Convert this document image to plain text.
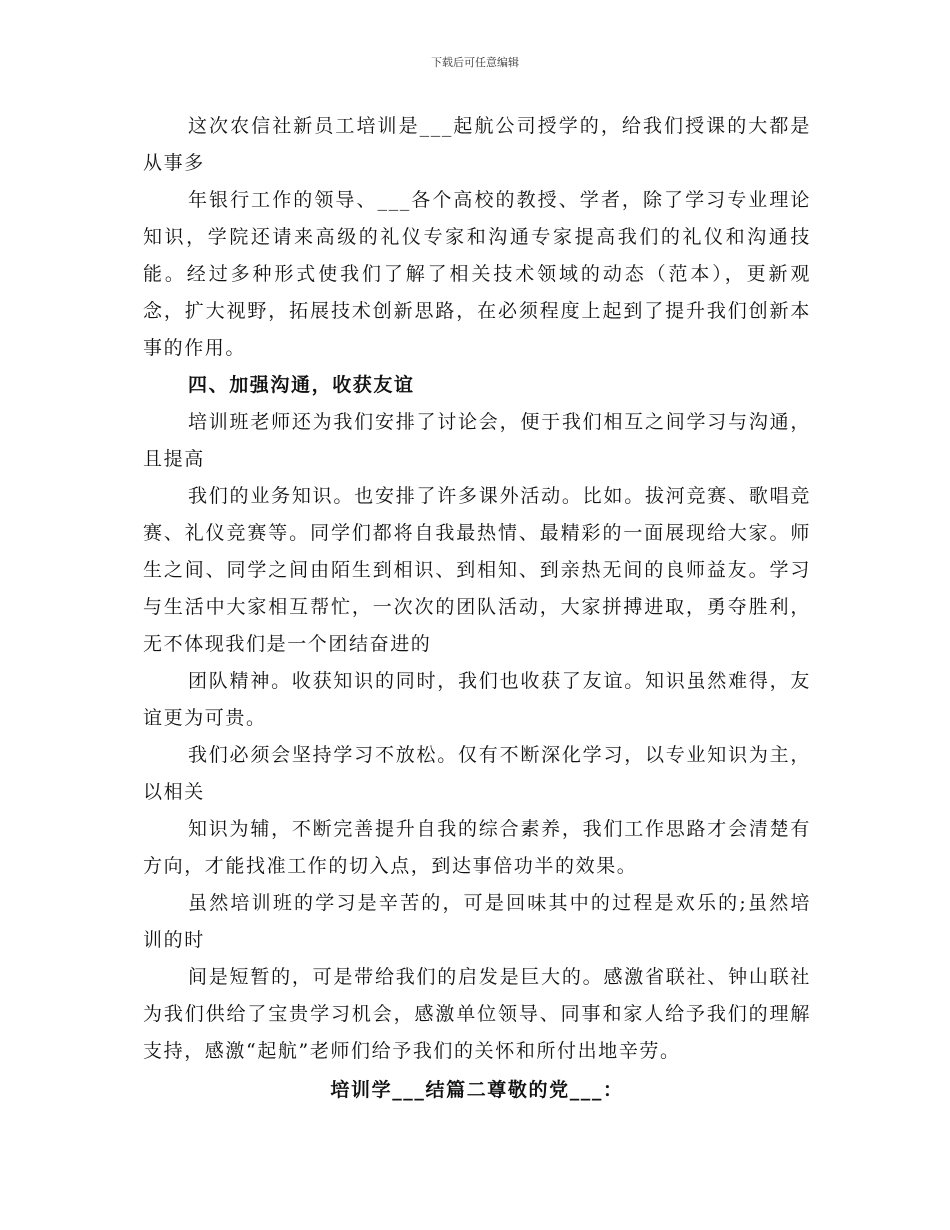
下载后可任意编辑

这次农信社新员工培训是___起航公司授学的，给我们授课的大都是从事多

年银行工作的领导、___各个高校的教授、学者，除了学习专业理论知识，学院还请来高级的礼仪专家和沟通专家提高我们的礼仪和沟通技能。经过多种形式使我们了解了相关技术领域的动态（范本），更新观念，扩大视野，拓展技术创新思路，在必须程度上起到了提升我们创新本事的作用。

四、加强沟通，收获友谊

培训班老师还为我们安排了讨论会，便于我们相互之间学习与沟通，且提高

我们的业务知识。也安排了许多课外活动。比如。拔河竞赛、歌唱竞赛、礼仪竞赛等。同学们都将自我最热情、最精彩的一面展现给大家。师生之间、同学之间由陌生到相识、到相知、到亲热无间的良师益友。学习与生活中大家相互帮忙，一次次的团队活动，大家拼搏进取，勇夺胜利，无不体现我们是一个团结奋进的

团队精神。收获知识的同时，我们也收获了友谊。知识虽然难得，友谊更为可贵。

我们必须会坚持学习不放松。仅有不断深化学习，以专业知识为主，以相关

知识为辅，不断完善提升自我的综合素养，我们工作思路才会清楚有方向，才能找准工作的切入点，到达事倍功半的效果。

虽然培训班的学习是辛苦的，可是回味其中的过程是欢乐的;虽然培训的时

间是短暂的，可是带给我们的启发是巨大的。感激省联社、钟山联社为我们供给了宝贵学习机会，感激单位领导、同事和家人给予我们的理解支持，感激“起航”老师们给予我们的关怀和所付出地辛劳。

培训学___结篇二尊敬的党___：
